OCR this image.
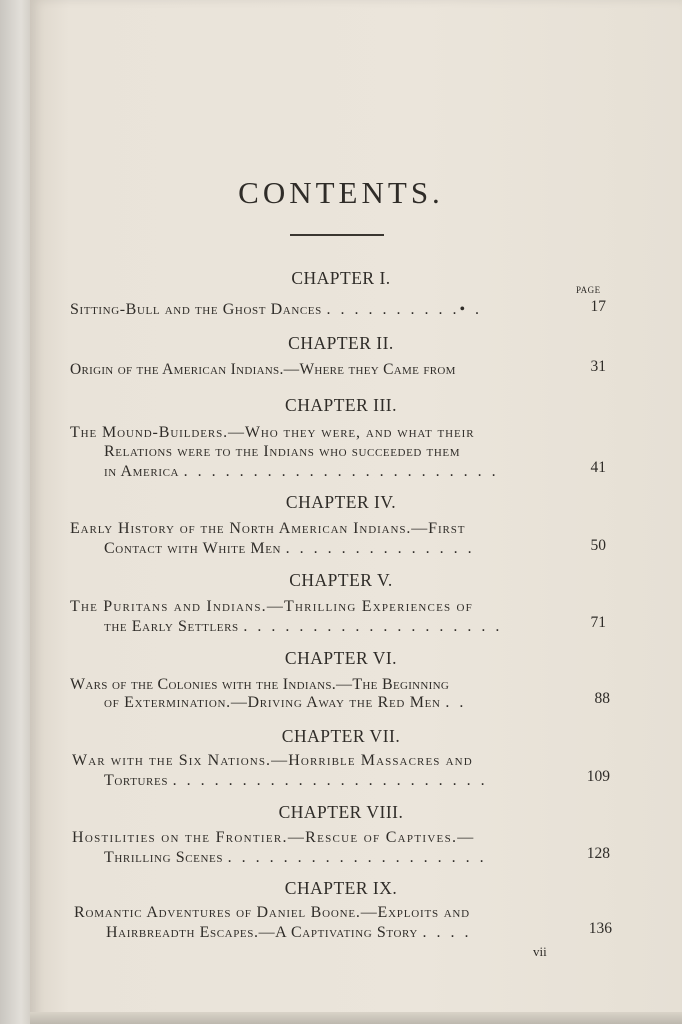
CONTENTS.
PAGE
CHAPTER I.
Sitting-Bull and the Ghost Dances . . . . . . . . . .• .	17
CHAPTER II.
Origin of the American Indians.—Where they Came from	31
CHAPTER III.
The Mound-Builders.—Who they were, and what their
Relations were to the Indians who succeeded them
in America . . . . . . . . . . . . . . . . . . . . . . .	41
CHAPTER IV.
Early History of the North American Indians.—First
Contact with White Men . . . . . . . . . . . . . .	50
CHAPTER V.
The Puritans and Indians.—Thrilling Experiences of
the Early Settlers . . . . . . . . . . . . . . . . . . .	71
CHAPTER VI.
Wars of the Colonies with the Indians.—The Beginning
of Extermination.—Driving Away the Red Men . .	88
CHAPTER VII.
War with the Six Nations.—Horrible Massacres and
Tortures . . . . . . . . . . . . . . . . . . . . . . .	109
CHAPTER VIII.
Hostilities on the Frontier.—Rescue of Captives.—
Thrilling Scenes . . . . . . . . . . . . . . . . . . .	128
CHAPTER IX.
Romantic Adventures of Daniel Boone.—Exploits and
Hairbreadth Escapes.—A Captivating Story . . . .	136
vii
